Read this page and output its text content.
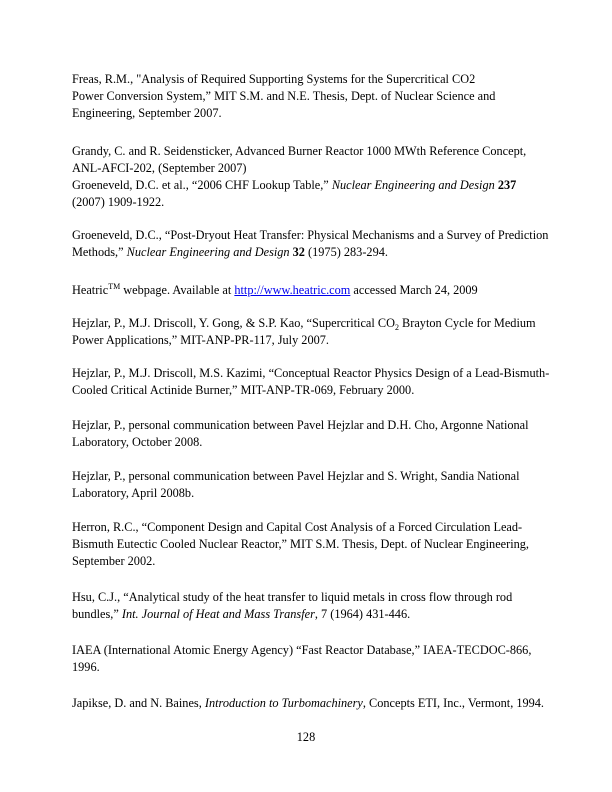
Freas, R.M., "Analysis of Required Supporting Systems for the Supercritical CO2
Power Conversion System,” MIT S.M. and N.E. Thesis, Dept. of Nuclear Science and
Engineering, September 2007.
Grandy, C. and R. Seidensticker, Advanced Burner Reactor 1000 MWth Reference Concept,
ANL-AFCI-202, (September 2007)
Groeneveld, D.C. et al., “2006 CHF Lookup Table,” Nuclear Engineering and Design 237
(2007) 1909-1922.
Groeneveld, D.C., “Post-Dryout Heat Transfer: Physical Mechanisms and a Survey of Prediction
Methods,” Nuclear Engineering and Design 32 (1975) 283-294.
Heatric™ webpage. Available at http://www.heatric.com accessed March 24, 2009
Hejzlar, P., M.J. Driscoll, Y. Gong, & S.P. Kao, “Supercritical $CO_2$ Brayton Cycle for Medium
Power Applications,” MIT-ANP-PR-117, July 2007.
Hejzlar, P., M.J. Driscoll, M.S. Kazimi, “Conceptual Reactor Physics Design of a Lead-Bismuth-
Cooled Critical Actinide Burner,” MIT-ANP-TR-069, February 2000.
Hejzlar, P., personal communication between Pavel Hejzlar and D.H. Cho, Argonne National
Laboratory, October 2008.
Hejzlar, P., personal communication between Pavel Hejzlar and S. Wright, Sandia National
Laboratory, April 2008b.
Herron, R.C., “Component Design and Capital Cost Analysis of a Forced Circulation Lead-
Bismuth Eutectic Cooled Nuclear Reactor,” MIT S.M. Thesis, Dept. of Nuclear Engineering,
September 2002.
Hsu, C.J., “Analytical study of the heat transfer to liquid metals in cross flow through rod
bundles,” Int. Journal of Heat and Mass Transfer, 7 (1964) 431-446.
IAEA (International Atomic Energy Agency) “Fast Reactor Database,” IAEA-TECDOC-866,
1996.
Japikse, D. and N. Baines, Introduction to Turbomachinery, Concepts ETI, Inc., Vermont, 1994.
128
